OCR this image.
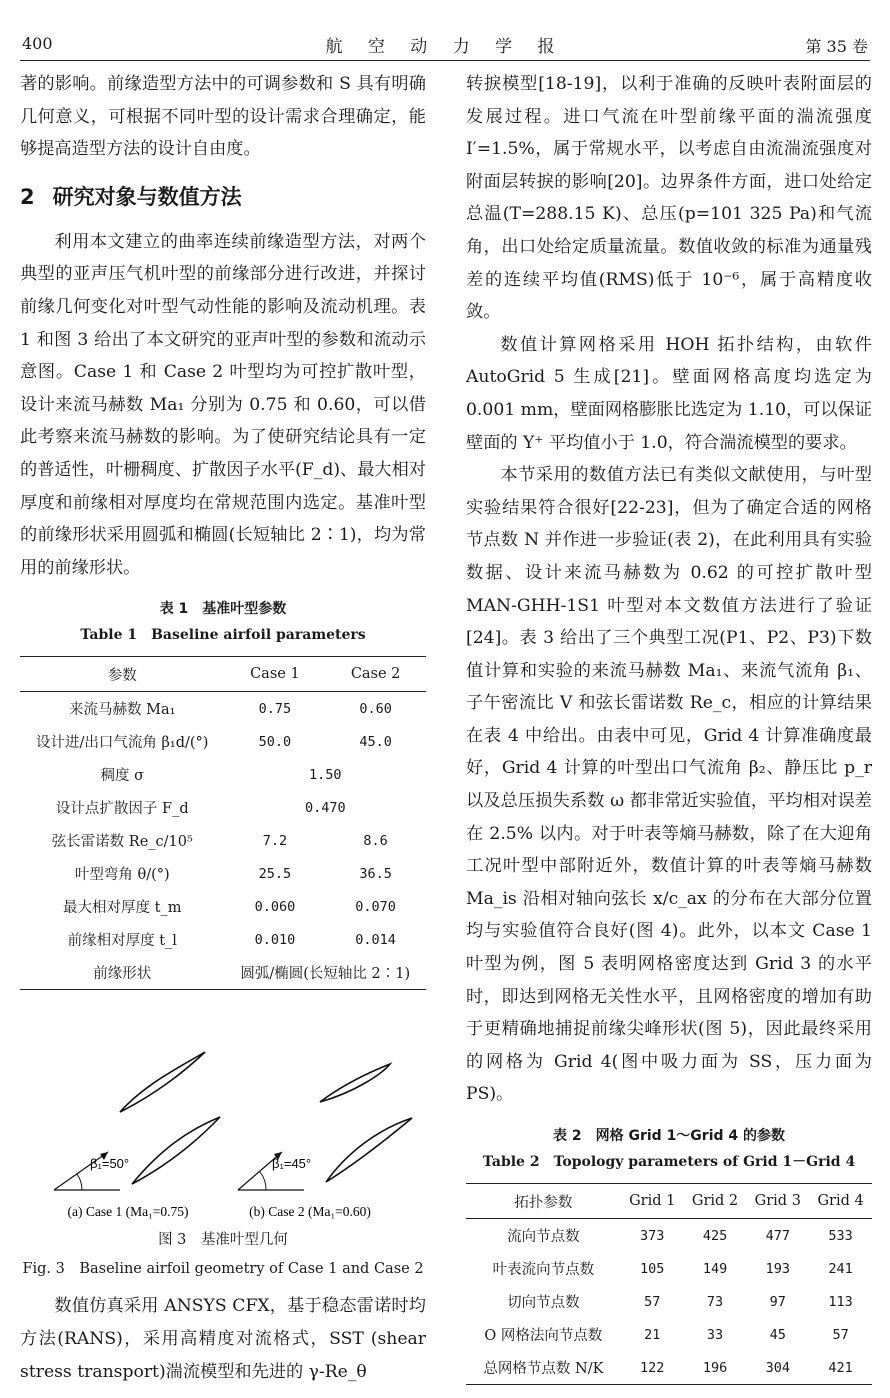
400	航 空 动 力 学 报	第 35 卷

著的影响。前缘造型方法中的可调参数和 S 具有明确几何意义，可根据不同叶型的设计需求合理确定，能够提高造型方法的设计自由度。

2 研究对象与数值方法

利用本文建立的曲率连续前缘造型方法，对两个典型的亚声压气机叶型的前缘部分进行改进，并探讨前缘几何变化对叶型气动性能的影响及流动机理。表 1 和图 3 给出了本文研究的亚声叶型的参数和流动示意图。Case 1 和 Case 2 叶型均为可控扩散叶型，设计来流马赫数 Ma₁ 分别为 0.75 和 0.60，可以借此考察来流马赫数的影响。为了使研究结论具有一定的普适性，叶栅稠度、扩散因子水平(F_d)、最大相对厚度和前缘相对厚度均在常规范围内选定。基准叶型的前缘形状采用圆弧和椭圆(长短轴比 2∶1)，均为常用的前缘形状。

表 1　基准叶型参数
Table 1　Baseline airfoil parameters
参数	Case 1	Case 2
来流马赫数 Ma₁	0.75	0.60
设计进/出口气流角 β₁d/(°)	50.0	45.0
稠度 σ	1.50	
设计点扩散因子 F_d	0.470	
弦长雷诺数 Re_c/10⁵	7.2	8.6
叶型弯角 θ/(°)	25.5	36.5
最大相对厚度 t_m	0.060	0.070
前缘相对厚度 t_l	0.010	0.014
前缘形状	圆弧/椭圆(长短轴比 2∶1)	
β₁=50°	β₁=45°
(a) Case 1 (Ma₁=0.75)	(b) Case 2 (Ma₁=0.60)
图 3　基准叶型几何
Fig. 3　Baseline airfoil geometry of Case 1 and Case 2

数值仿真采用 ANSYS CFX，基于稳态雷诺时均方法(RANS)，采用高精度对流格式，SST (shear stress transport)湍流模型和先进的 γ-Re_θ

转捩模型[18-19]，以利于准确的反映叶表附面层的发展过程。进口气流在叶型前缘平面的湍流强度 I′=1.5%，属于常规水平，以考虑自由流湍流强度对附面层转捩的影响[20]。边界条件方面，进口处给定总温(T=288.15 K)、总压(p=101 325 Pa)和气流角，出口处给定质量流量。数值收敛的标准为通量残差的连续平均值(RMS)低于 10⁻⁶，属于高精度收敛。

数值计算网格采用 HOH 拓扑结构，由软件 AutoGrid 5 生成[21]。壁面网格高度均选定为 0.001 mm，壁面网格膨胀比选定为 1.10，可以保证壁面的 Y⁺ 平均值小于 1.0，符合湍流模型的要求。

本节采用的数值方法已有类似文献使用，与叶型实验结果符合很好[22-23]，但为了确定合适的网格节点数 N 并作进一步验证(表 2)，在此利用具有实验数据、设计来流马赫数为 0.62 的可控扩散叶型 MAN-GHH-1S1 叶型对本文数值方法进行了验证[24]。表 3 给出了三个典型工况(P1、P2、P3)下数值计算和实验的来流马赫数 Ma₁、来流气流角 β₁、子午密流比 V 和弦长雷诺数 Re_c，相应的计算结果在表 4 中给出。由表中可见，Grid 4 计算准确度最好，Grid 4 计算的叶型出口气流角 β₂、静压比 p_r 以及总压损失系数 ω 都非常近实验值，平均相对误差在 2.5% 以内。对于叶表等熵马赫数，除了在大迎角工况叶型中部附近外，数值计算的叶表等熵马赫数 Ma_is 沿相对轴向弦长 x/c_ax 的分布在大部分位置均与实验值符合良好(图 4)。此外，以本文 Case 1 叶型为例，图 5 表明网格密度达到 Grid 3 的水平时，即达到网格无关性水平，且网格密度的增加有助于更精确地捕捉前缘尖峰形状(图 5)，因此最终采用的网格为 Grid 4(图中吸力面为 SS，压力面为 PS)。

表 2　网格 Grid 1～Grid 4 的参数
Table 2　Topology parameters of Grid 1－Grid 4
拓扑参数	Grid 1	Grid 2	Grid 3	Grid 4
流向节点数	373	425	477	533
叶表流向节点数	105	149	193	241
切向节点数	57	73	97	113
O 网格法向节点数	21	33	45	57
总网格节点数 N/K	122	196	304	421
